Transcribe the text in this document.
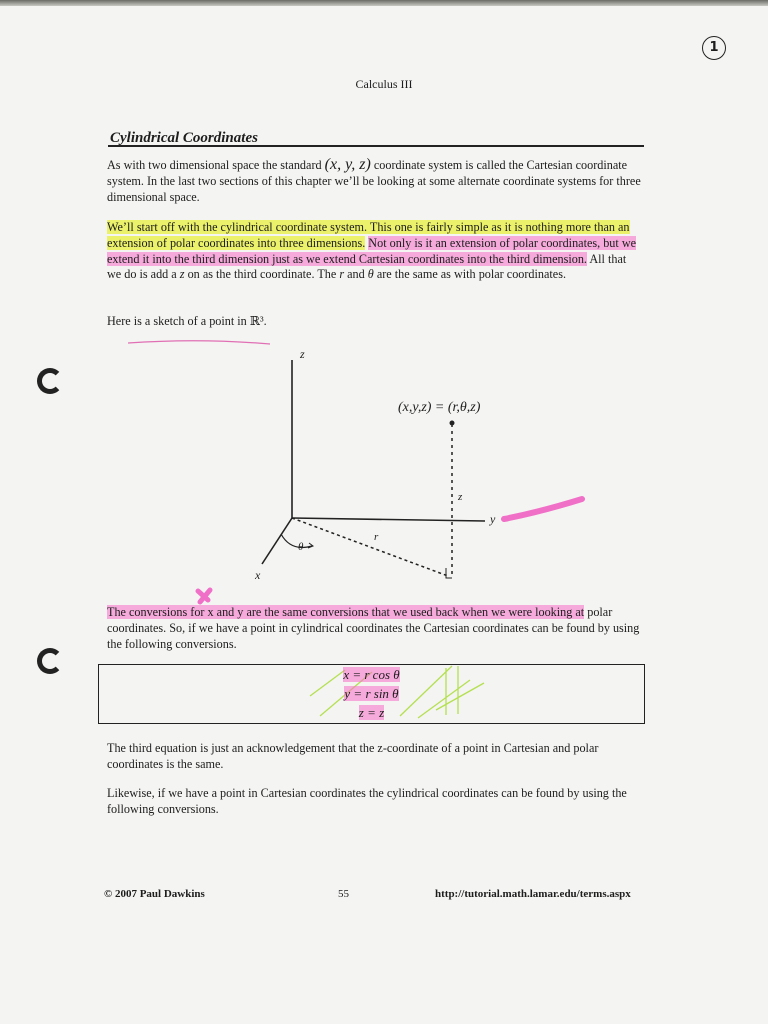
1
Calculus III
Cylindrical Coordinates

As with two dimensional space the standard (x, y, z) coordinate system is called the Cartesian coordinate system. In the last two sections of this chapter we’ll be looking at some alternate coordinate systems for three dimensional space.

We’ll start off with the cylindrical coordinate system. This one is fairly simple as it is nothing more than an extension of polar coordinates into three dimensions. Not only is it an extension of polar coordinates, but we extend it into the third dimension just as we extend Cartesian coordinates into the third dimension. All that we do is add a z on as the third coordinate. The r and θ are the same as with polar coordinates.

Here is a sketch of a point in ℝ³.

z
y
x
(x,y,z) = (r,θ,z)
z
r
θ

The conversions for x and y are the same conversions that we used back when we were looking at polar coordinates. So, if we have a point in cylindrical coordinates the Cartesian coordinates can be found by using the following conversions.

x = r cos θ
y = r sin θ
z = z

The third equation is just an acknowledgement that the z-coordinate of a point in Cartesian and polar coordinates is the same.

Likewise, if we have a point in Cartesian coordinates the cylindrical coordinates can be found by using the following conversions.

© 2007 Paul Dawkins	55	http://tutorial.math.lamar.edu/terms.aspx
